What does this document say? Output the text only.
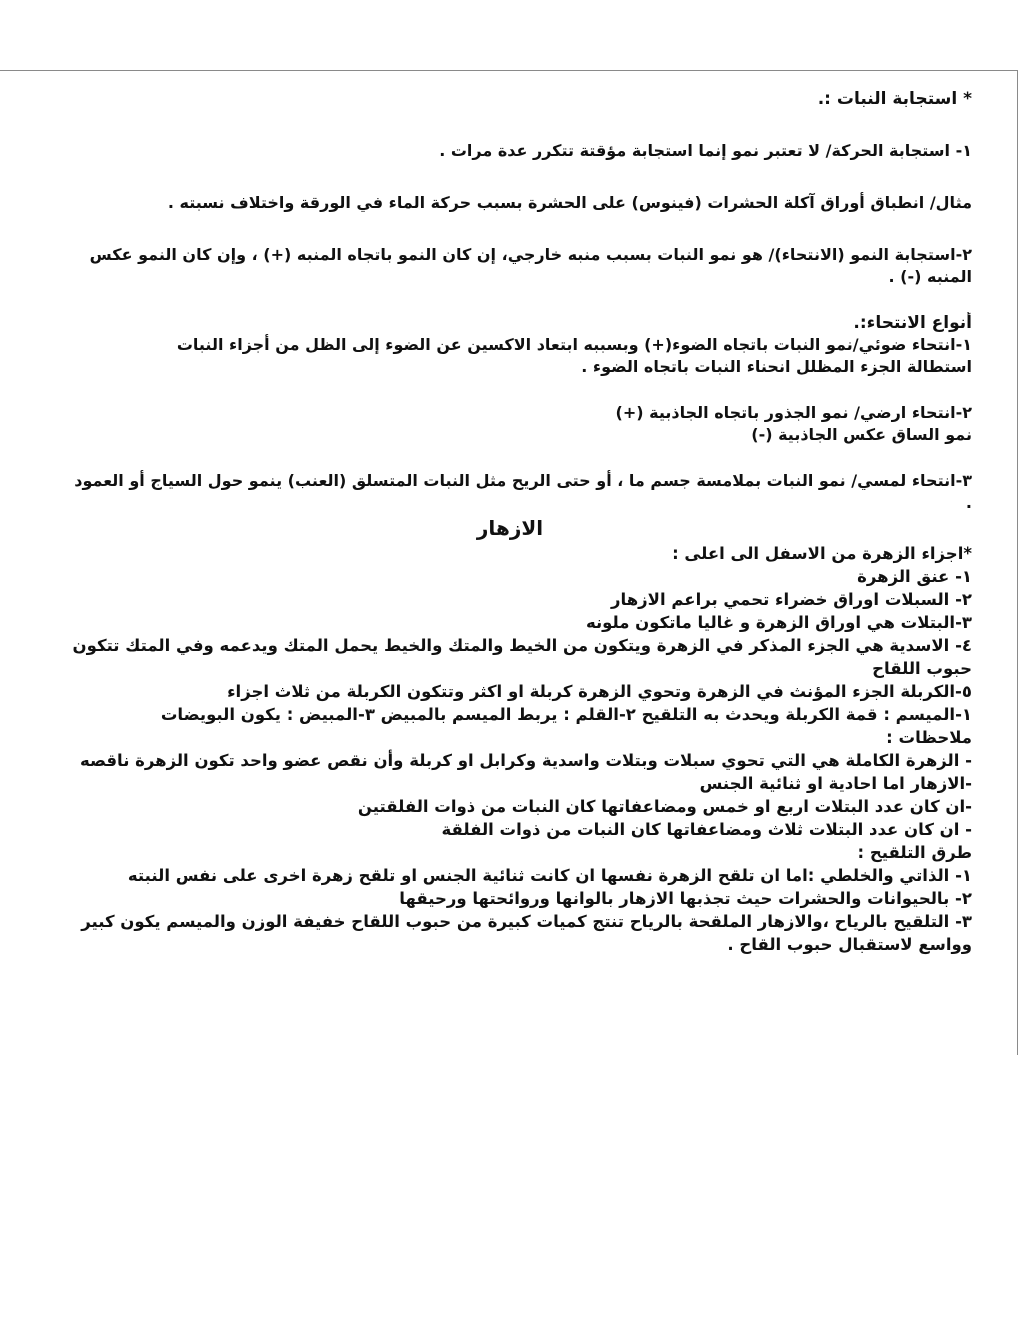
* استجابة النبات :.
١- استجابة الحركة/ لا تعتبر نمو إنما استجابة مؤقتة تتكرر عدة مرات .
مثال/ انطباق أوراق آكلة الحشرات (فينوس) على الحشرة بسبب حركة الماء في الورقة واختلاف نسبته .
٢-استجابة النمو (الانتحاء)/ هو نمو النبات بسبب منبه خارجي، إن كان النمو باتجاه المنبه (+) ، وإن كان النمو عكس
المنبه (-) .
أنواع الانتحاء:.
١-انتحاء ضوئي/نمو النبات باتجاه الضوء(+) وبسببه ابتعاد الاكسين عن الضوء إلى الظل من أجزاء النبات
استطالة الجزء المظلل انحناء النبات باتجاه الضوء .
٢-انتحاء ارضي/ نمو الجذور باتجاه الجاذبية (+)
نمو الساق عكس الجاذبية (-)
٣-انتحاء لمسي/ نمو النبات بملامسة جسم ما ، أو حتى الريح مثل النبات المتسلق (العنب) ينمو حول السياج أو العمود
.
الازهار
*اجزاء الزهرة من الاسفل الى اعلى :
١- عنق الزهرة
٢- السبلات اوراق خضراء تحمي براعم الازهار
٣-البتلات هي اوراق الزهرة و غاليا ماتكون ملونه
٤- الاسدية هي الجزء المذكر في الزهرة ويتكون من الخيط والمتك والخيط يحمل المتك ويدعمه وفي المتك تتكون
حبوب اللقاح
٥-الكربلة الجزء المؤنث في الزهرة وتحوي الزهرة كربلة او اكثر وتتكون الكربلة من ثلاث اجزاء
١-الميسم : قمة الكربلة ويحدث به التلقيح ٢-القلم : يربط الميسم بالمبيض ٣-المبيض : يكون البويضات
ملاحظات :
- الزهرة الكاملة هي التي تحوي سبلات وبتلات واسدية وكرابل او كربلة وأن نقص عضو واحد تكون الزهرة ناقصه
-الازهار اما احادية او ثنائية الجنس
-ان كان عدد البتلات اربع او خمس ومضاعفاتها كان النبات من ذوات الفلقتين
- ان كان عدد البتلات ثلاث ومضاعفاتها كان النبات من ذوات الفلقة
طرق التلقيح :
١- الذاتي والخلطي :اما ان تلقح الزهرة نفسها ان كانت ثنائية الجنس او تلقح زهرة اخرى على نفس النبته
٢- بالحيوانات والحشرات حيث تجذبها الازهار بالوانها وروائحتها ورحيقها
٣- التلقيح بالرياح ،والازهار الملقحة بالرياح تنتج كميات كبيرة من حبوب اللقاح خفيفة الوزن والميسم يكون كبير
وواسع لاستقبال حبوب القاح .
